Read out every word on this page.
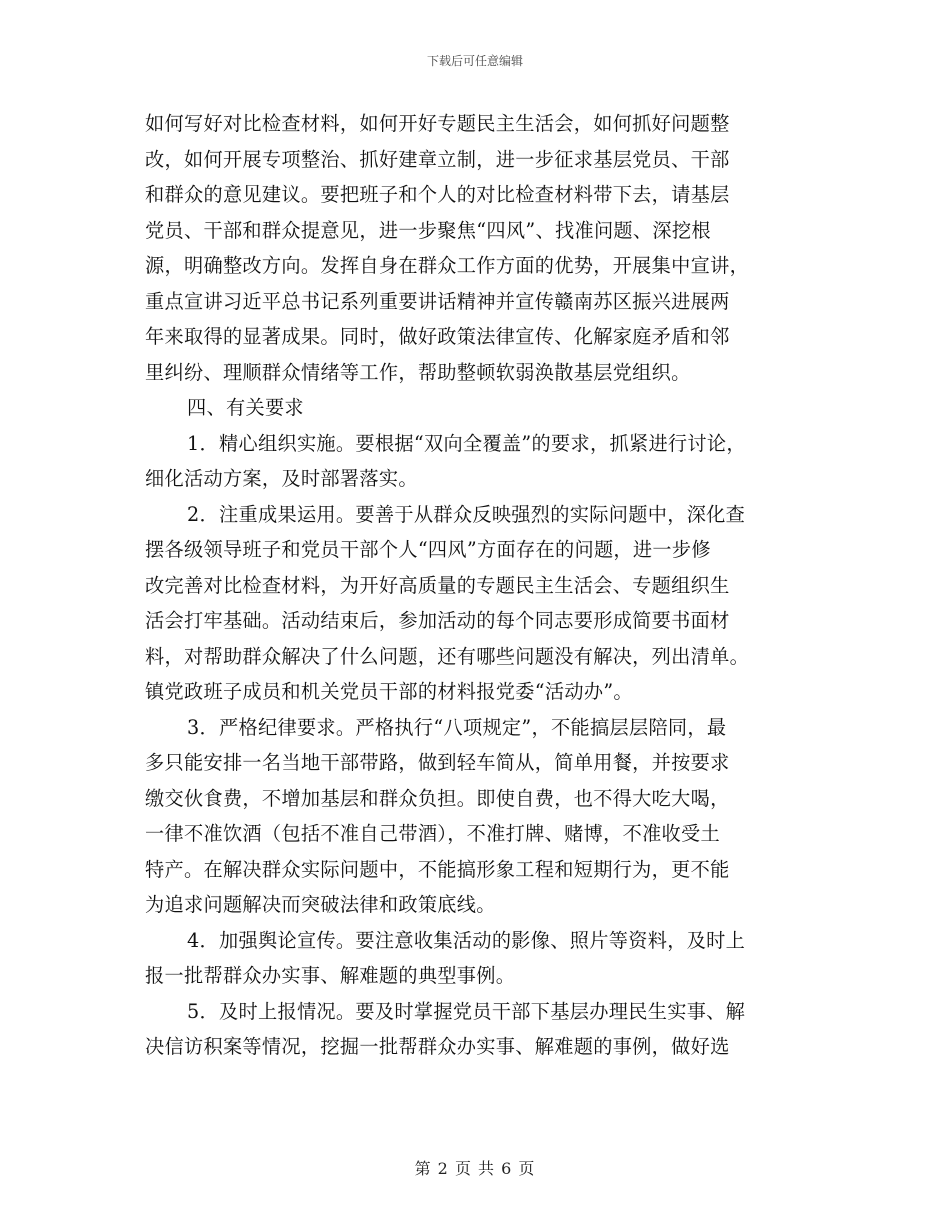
下载后可任意编辑
如何写好对比检查材料，如何开好专题民主生活会，如何抓好问题整
改，如何开展专项整治、抓好建章立制，进一步征求基层党员、干部
和群众的意见建议。要把班子和个人的对比检查材料带下去，请基层
党员、干部和群众提意见，进一步聚焦“四风”、找准问题、深挖根
源，明确整改方向。发挥自身在群众工作方面的优势，开展集中宣讲，
重点宣讲习近平总书记系列重要讲话精神并宣传赣南苏区振兴进展两
年来取得的显著成果。同时，做好政策法律宣传、化解家庭矛盾和邻
里纠纷、理顺群众情绪等工作，帮助整顿软弱涣散基层党组织。
四、有关要求
1．精心组织实施。要根据“双向全覆盖”的要求，抓紧进行讨论，
细化活动方案，及时部署落实。
2．注重成果运用。要善于从群众反映强烈的实际问题中，深化查
摆各级领导班子和党员干部个人“四风”方面存在的问题，进一步修
改完善对比检查材料，为开好高质量的专题民主生活会、专题组织生
活会打牢基础。活动结束后，参加活动的每个同志要形成简要书面材
料，对帮助群众解决了什么问题，还有哪些问题没有解决，列出清单。
镇党政班子成员和机关党员干部的材料报党委“活动办”。
3．严格纪律要求。严格执行“八项规定”，不能搞层层陪同，最
多只能安排一名当地干部带路，做到轻车简从，简单用餐，并按要求
缴交伙食费，不增加基层和群众负担。即使自费，也不得大吃大喝，
一律不准饮酒（包括不准自己带酒），不准打牌、赌博，不准收受土
特产。在解决群众实际问题中，不能搞形象工程和短期行为，更不能
为追求问题解决而突破法律和政策底线。
4．加强舆论宣传。要注意收集活动的影像、照片等资料，及时上
报一批帮群众办实事、解难题的典型事例。
5．及时上报情况。要及时掌握党员干部下基层办理民生实事、解
决信访积案等情况，挖掘一批帮群众办实事、解难题的事例，做好选
第 2 页 共 6 页
